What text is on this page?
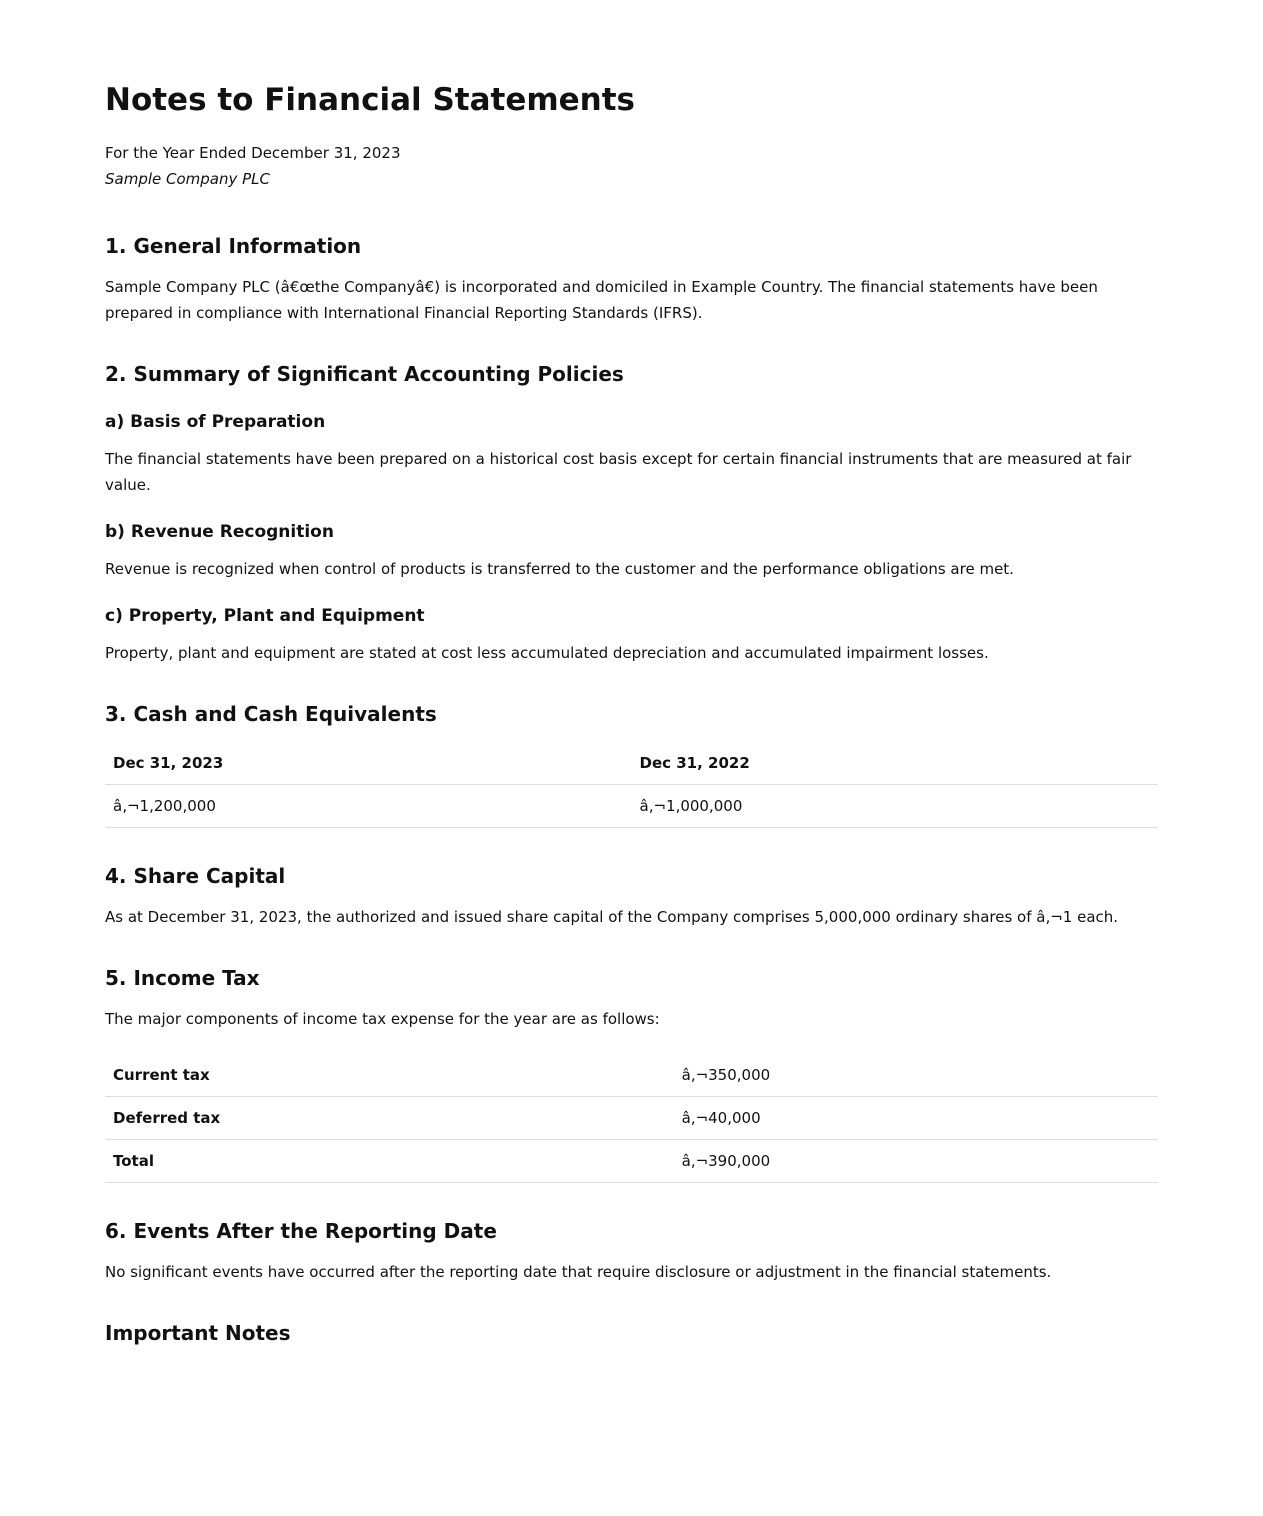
Notes to Financial Statements

For the Year Ended December 31, 2023

Sample Company PLC

1. General Information

Sample Company PLC (â€œthe Companyâ€) is incorporated and domiciled in Example Country. The financial statements have been prepared in compliance with International Financial Reporting Standards (IFRS).

2. Summary of Significant Accounting Policies
a) Basis of Preparation

The financial statements have been prepared on a historical cost basis except for certain financial instruments that are measured at fair value.

b) Revenue Recognition

Revenue is recognized when control of products is transferred to the customer and the performance obligations are met.

c) Property, Plant and Equipment

Property, plant and equipment are stated at cost less accumulated depreciation and accumulated impairment losses.

3. Cash and Cash Equivalents
Dec 31, 2023	Dec 31, 2022
â‚¬1,200,000	â‚¬1,000,000
4. Share Capital

As at December 31, 2023, the authorized and issued share capital of the Company comprises 5,000,000 ordinary shares of â‚¬1 each.

5. Income Tax

The major components of income tax expense for the year are as follows:

Current tax	â‚¬350,000
Deferred tax	â‚¬40,000
Total	â‚¬390,000
6. Events After the Reporting Date

No significant events have occurred after the reporting date that require disclosure or adjustment in the financial statements.

Important Notes
